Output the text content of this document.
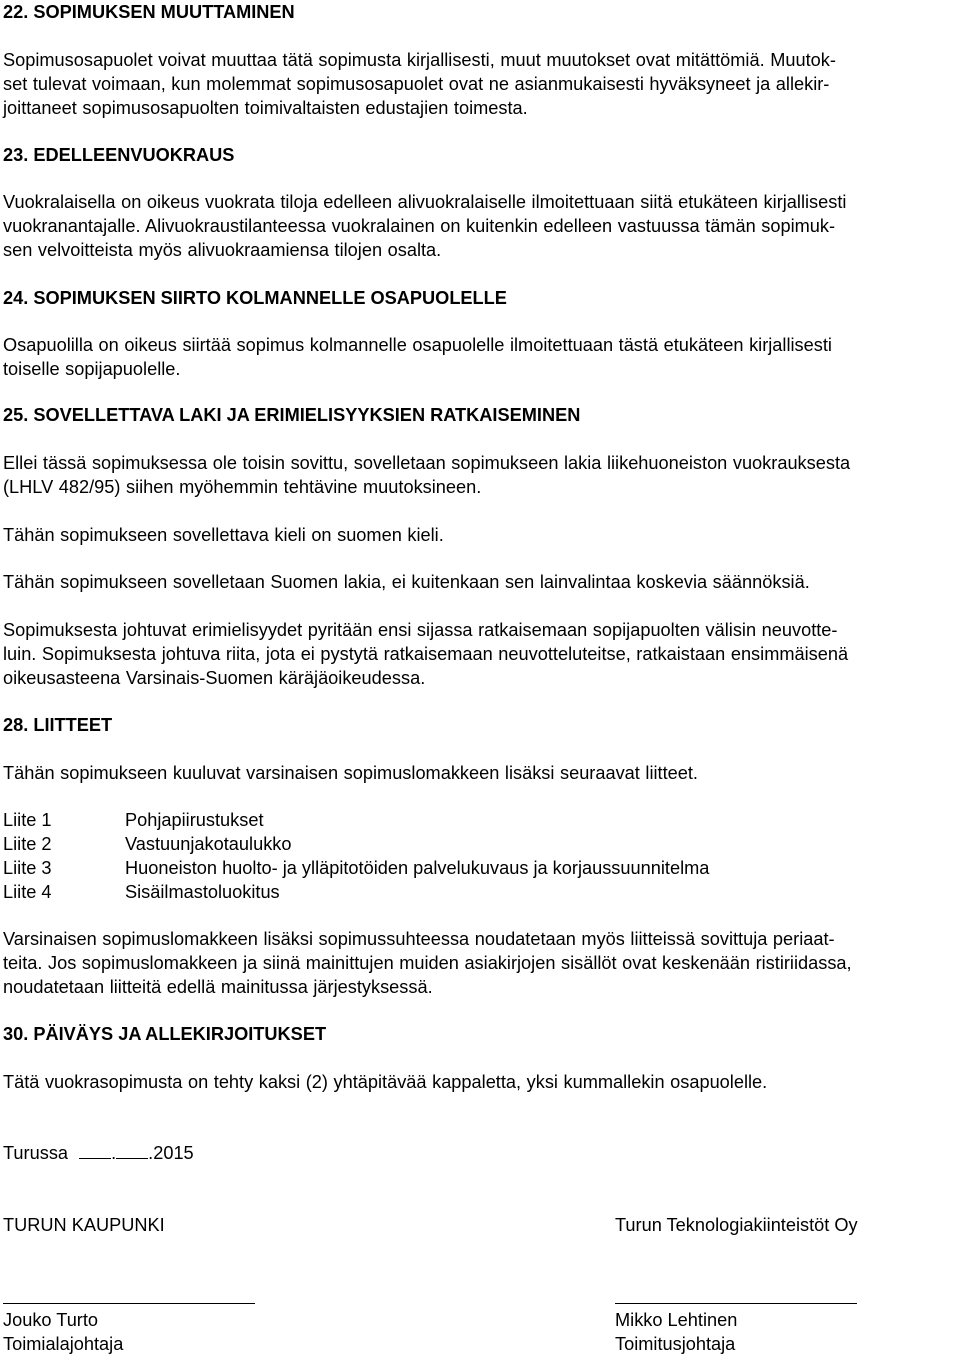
22. SOPIMUKSEN MUUTTAMINEN
Sopimusosapuolet voivat muuttaa tätä sopimusta kirjallisesti, muut muutokset ovat mitättömiä. Muutok-
set tulevat voimaan, kun molemmat sopimusosapuolet ovat ne asianmukaisesti hyväksyneet ja allekir-
joittaneet sopimusosapuolten toimivaltaisten edustajien toimesta.
23. EDELLEENVUOKRAUS
Vuokralaisella on oikeus vuokrata tiloja edelleen alivuokralaiselle ilmoitettuaan siitä etukäteen kirjallisesti
vuokranantajalle. Alivuokraustilanteessa vuokralainen on kuitenkin edelleen vastuussa tämän sopimuk-
sen velvoitteista myös alivuokraamiensa tilojen osalta.
24. SOPIMUKSEN SIIRTO KOLMANNELLE OSAPUOLELLE
Osapuolilla on oikeus siirtää sopimus kolmannelle osapuolelle ilmoitettuaan tästä etukäteen kirjallisesti
toiselle sopijapuolelle.
25. SOVELLETTAVA LAKI JA ERIMIELISYYKSIEN RATKAISEMINEN
Ellei tässä sopimuksessa ole toisin sovittu, sovelletaan sopimukseen lakia liikehuoneiston vuokrauksesta
(LHLV 482/95) siihen myöhemmin tehtävine muutoksineen.
Tähän sopimukseen sovellettava kieli on suomen kieli.
Tähän sopimukseen sovelletaan Suomen lakia, ei kuitenkaan sen lainvalintaa koskevia säännöksiä.
Sopimuksesta johtuvat erimielisyydet pyritään ensi sijassa ratkaisemaan sopijapuolten välisin neuvotte-
luin. Sopimuksesta johtuva riita, jota ei pystytä ratkaisemaan neuvotteluteitse, ratkaistaan ensimmäisenä
oikeusasteena Varsinais-Suomen käräjäoikeudessa.
28. LIITTEET
Tähän sopimukseen kuuluvat varsinaisen sopimuslomakkeen lisäksi seuraavat liitteet.
Liite 1	Pohjapiirustukset
Liite 2	Vastuunjakotaulukko
Liite 3	Huoneiston huolto- ja ylläpitotöiden palvelukuvaus ja korjaussuunnitelma
Liite 4	Sisäilmastoluokitus
Varsinaisen sopimuslomakkeen lisäksi sopimussuhteessa noudatetaan myös liitteissä sovittuja periaat-
teita. Jos sopimuslomakkeen ja siinä mainittujen muiden asiakirjojen sisällöt ovat keskenään ristiriidassa,
noudatetaan liitteitä edellä mainitussa järjestyksessä.
30. PÄIVÄYS JA ALLEKIRJOITUKSET
Tätä vuokrasopimusta on tehty kaksi (2) yhtäpitävää kappaletta, yksi kummallekin osapuolelle.
Turussa . .2015
TURUN KAUPUNKI	Turun Teknologiakiinteistöt Oy
Jouko Turto
Toimialajohtaja
Mikko Lehtinen
Toimitusjohtaja
